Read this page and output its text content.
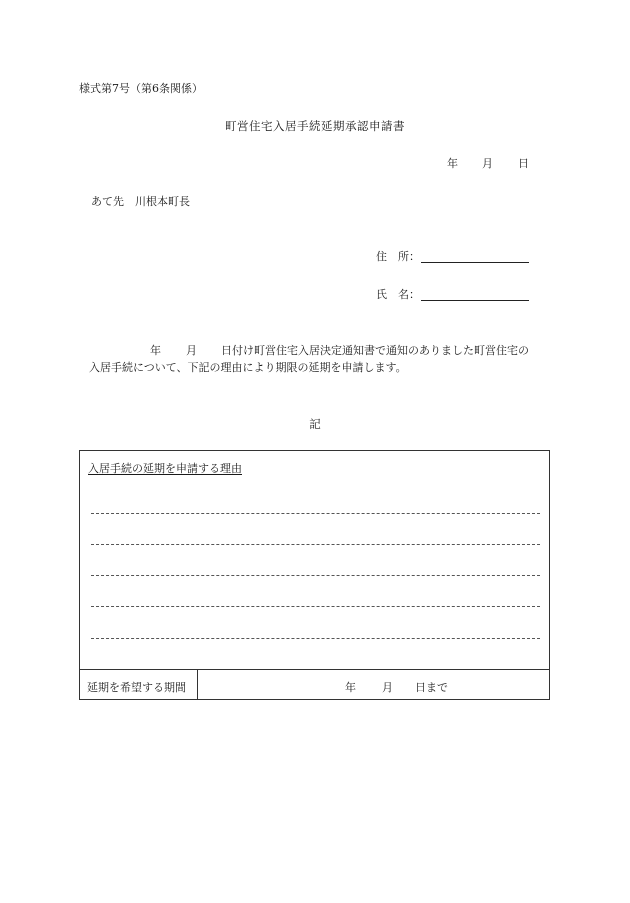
様式第7号（第6条関係）
町営住宅入居手続延期承認申請書
年 月 日
あて先　川根本町長
住　所：
氏　名：
年 月 日付け町営住宅入居決定通知書で通知のありました町営住宅の
入居手続について、下記の理由により期限の延期を申請します。
記
入居手続の延期を申請する理由
延期を希望する期間	年 月 日まで
